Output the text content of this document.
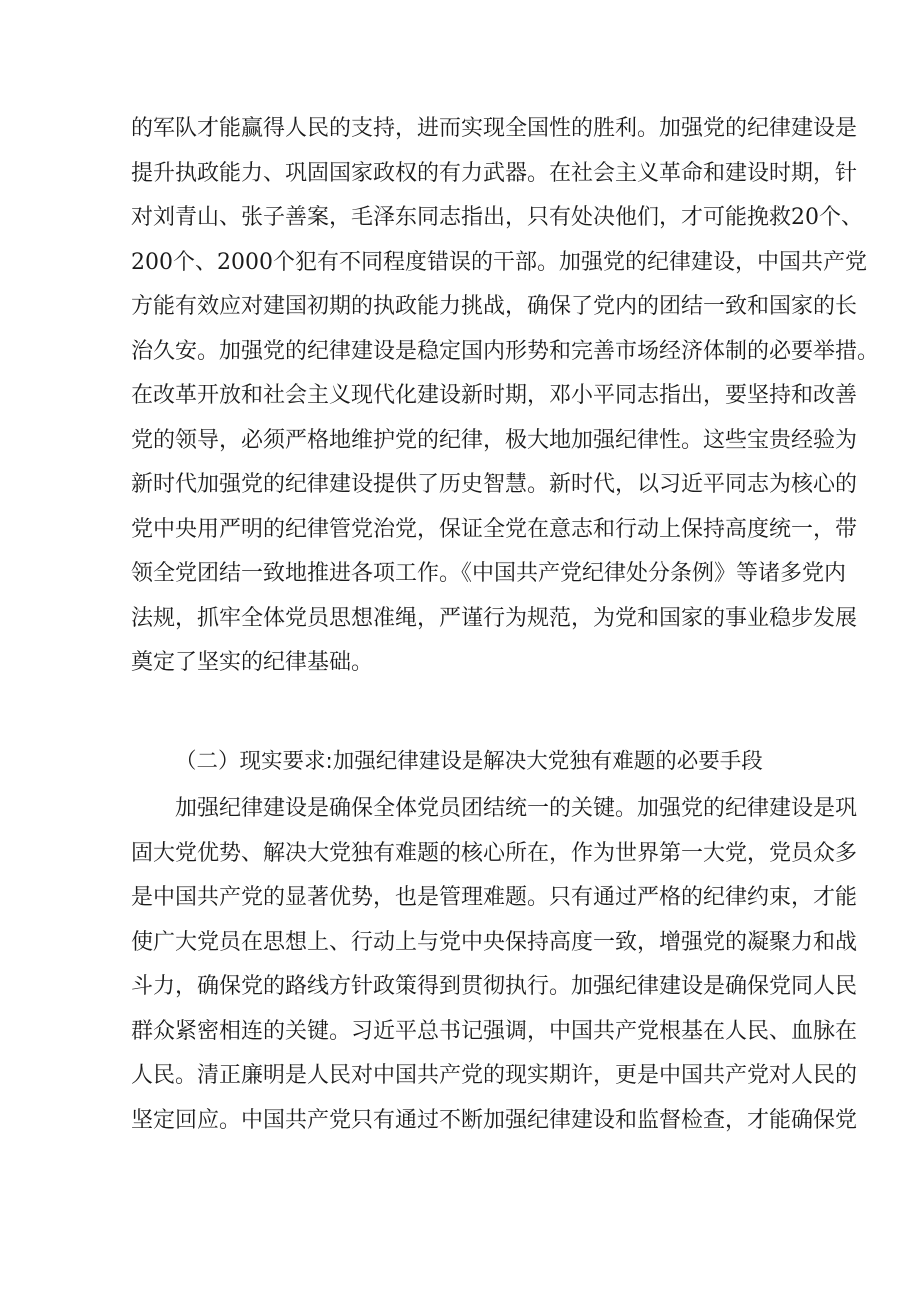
的军队才能赢得人民的支持，进而实现全国性的胜利。加强党的纪律建设是
提升执政能力、巩固国家政权的有力武器。在社会主义革命和建设时期，针
对刘青山、张子善案，毛泽东同志指出，只有处决他们，才可能挽救20个、
200个、2000个犯有不同程度错误的干部。加强党的纪律建设，中国共产党
方能有效应对建国初期的执政能力挑战，确保了党内的团结一致和国家的长
治久安。加强党的纪律建设是稳定国内形势和完善市场经济体制的必要举措。
在改革开放和社会主义现代化建设新时期，邓小平同志指出，要坚持和改善
党的领导，必须严格地维护党的纪律，极大地加强纪律性。这些宝贵经验为
新时代加强党的纪律建设提供了历史智慧。新时代，以习近平同志为核心的
党中央用严明的纪律管党治党，保证全党在意志和行动上保持高度统一，带
领全党团结一致地推进各项工作。《中国共产党纪律处分条例》等诸多党内
法规，抓牢全体党员思想准绳，严谨行为规范，为党和国家的事业稳步发展
奠定了坚实的纪律基础。
（二）现实要求:加强纪律建设是解决大党独有难题的必要手段
加强纪律建设是确保全体党员团结统一的关键。加强党的纪律建设是巩
固大党优势、解决大党独有难题的核心所在，作为世界第一大党，党员众多
是中国共产党的显著优势，也是管理难题。只有通过严格的纪律约束，才能
使广大党员在思想上、行动上与党中央保持高度一致，增强党的凝聚力和战
斗力，确保党的路线方针政策得到贯彻执行。加强纪律建设是确保党同人民
群众紧密相连的关键。习近平总书记强调，中国共产党根基在人民、血脉在
人民。清正廉明是人民对中国共产党的现实期许，更是中国共产党对人民的
坚定回应。中国共产党只有通过不断加强纪律建设和监督检查，才能确保党
